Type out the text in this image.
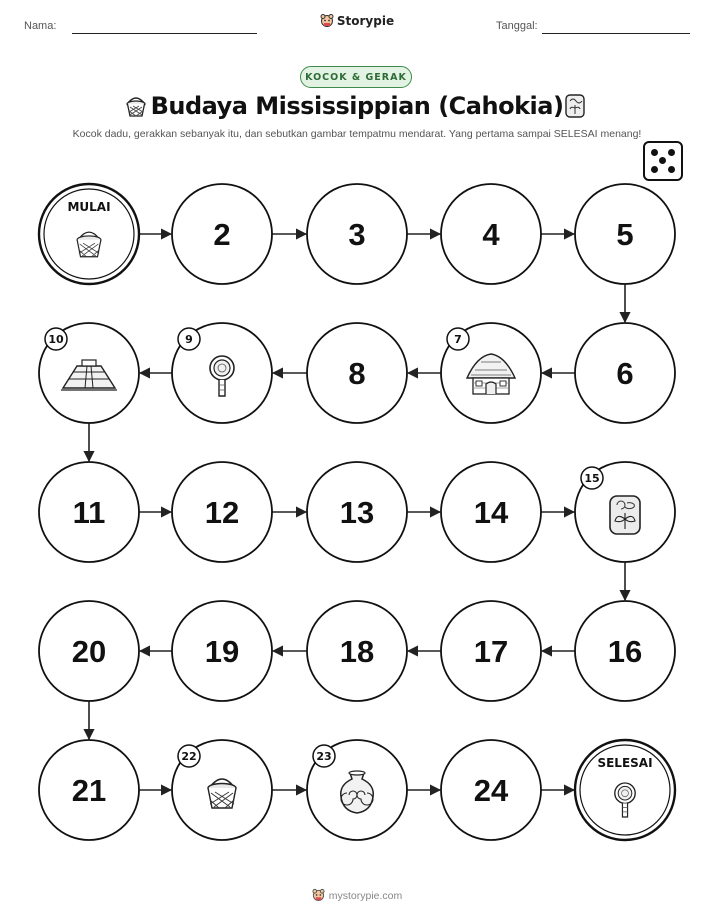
Nama:	Storypie	Tanggal:
KOCOK & GERAK
Budaya Mississippian (Cahokia)
Kocok dadu, gerakkan sebanyak itu, dan sebutkan gambar tempatmu mendarat. Yang pertama sampai SELESAI menang!
MULAI
2	3	4	5
6
7
8
9
10
11	12	13	14
15
16
17
18
19
20
21
22	23
24
SELESAI
mystorypie.com
